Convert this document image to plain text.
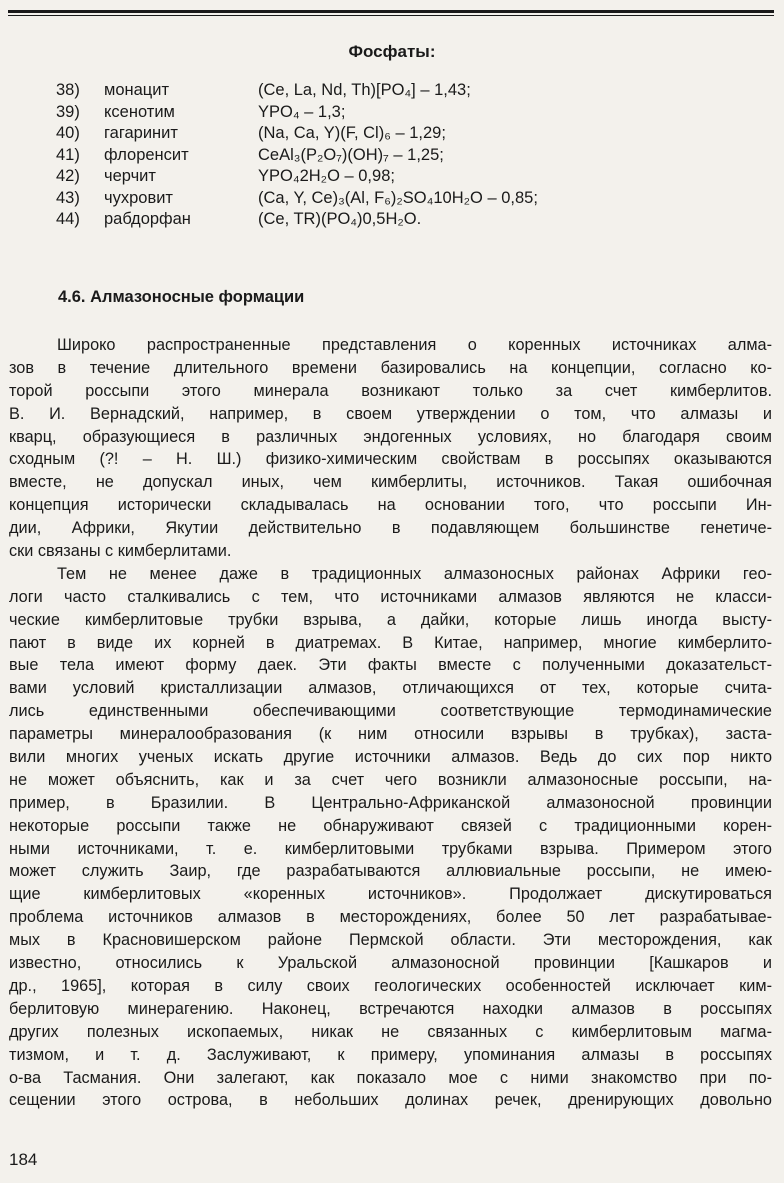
Фосфаты:
38)	монацит	(Ce, La, Nd, Th)[PO₄] – 1,43;
39)	ксенотим	YPO₄ – 1,3;
40)	гагаринит	(Na, Ca, Y)(F, Cl)₆ – 1,29;
41)	флоренсит	CeAl₃(P₂O₇)(OH)₇ – 1,25;
42)	черчит	YPO₄2H₂O – 0,98;
43)	чухровит	(Ca, Y, Ce)₃(Al, F₆)₂SO₄10H₂O – 0,85;
44)	рабдорфан	(Ce, TR)(PO₄)0,5H₂O.
4.6. Алмазоносные формации
Широко распространенные представления о коренных источниках алма-
зов в течение длительного времени базировались на концепции, согласно ко-
торой россыпи этого минерала возникают только за счет кимберлитов.
В. И. Вернадский, например, в своем утверждении о том, что алмазы и
кварц, образующиеся в различных эндогенных условиях, но благодаря своим
сходным (?! – Н. Ш.) физико-химическим свойствам в россыпях оказываются
вместе, не допускал иных, чем кимберлиты, источников. Такая ошибочная
концепция исторически складывалась на основании того, что россыпи Ин-
дии, Африки, Якутии действительно в подавляющем большинстве генетиче-
ски связаны с кимберлитами.
Тем не менее даже в традиционных алмазоносных районах Африки гео-
логи часто сталкивались с тем, что источниками алмазов являются не класси-
ческие кимберлитовые трубки взрыва, а дайки, которые лишь иногда высту-
пают в виде их корней в диатремах. В Китае, например, многие кимберлито-
вые тела имеют форму даек. Эти факты вместе с полученными доказательст-
вами условий кристаллизации алмазов, отличающихся от тех, которые счита-
лись единственными обеспечивающими соответствующие термодинамические
параметры минералообразования (к ним относили взрывы в трубках), заста-
вили многих ученых искать другие источники алмазов. Ведь до сих пор никто
не может объяснить, как и за счет чего возникли алмазоносные россыпи, на-
пример, в Бразилии. В Центрально-Африканской алмазоносной провинции
некоторые россыпи также не обнаруживают связей с традиционными корен-
ными источниками, т. е. кимберлитовыми трубками взрыва. Примером этого
может служить Заир, где разрабатываются аллювиальные россыпи, не имею-
щие кимберлитовых «коренных источников». Продолжает дискутироваться
проблема источников алмазов в месторождениях, более 50 лет разрабатывае-
мых в Красновишерском районе Пермской области. Эти месторождения, как
известно, относились к Уральской алмазоносной провинции [Кашкаров и
др., 1965], которая в силу своих геологических особенностей исключает ким-
берлитовую минерагению. Наконец, встречаются находки алмазов в россыпях
других полезных ископаемых, никак не связанных с кимберлитовым магма-
тизмом, и т. д. Заслуживают, к примеру, упоминания алмазы в россыпях
о-ва Тасмания. Они залегают, как показало мое с ними знакомство при по-
сещении этого острова, в небольших долинах речек, дренирующих довольно
184
